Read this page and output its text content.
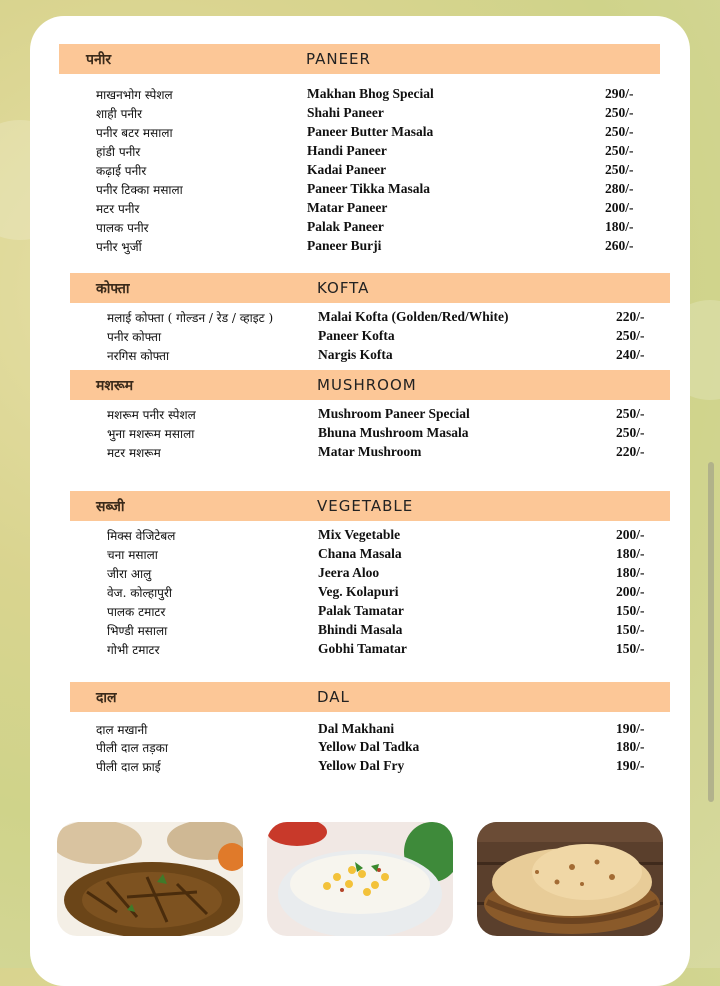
पनीर	PANEER
माखनभोग स्पेशल	Makhan Bhog Special	290/-
शाही पनीर	Shahi Paneer	250/-
पनीर बटर मसाला	Paneer Butter Masala	250/-
हांडी पनीर	Handi Paneer	250/-
कढ़ाई पनीर	Kadai Paneer	250/-
पनीर टिक्का मसाला	Paneer Tikka Masala	280/-
मटर पनीर	Matar Paneer	200/-
पालक पनीर	Palak Paneer	180/-
पनीर भुर्जी	Paneer Burji	260/-
कोफ्ता	KOFTA
मलाई कोफ्ता ( गोल्डन / रेड / व्हाइट )	Malai Kofta (Golden/Red/White)	220/-
पनीर कोफ्ता	Paneer Kofta	250/-
नरगिस कोफ्ता	Nargis Kofta	240/-
मशरूम	MUSHROOM
मशरूम पनीर स्पेशल	Mushroom Paneer Special	250/-
भुना मशरूम मसाला	Bhuna Mushroom Masala	250/-
मटर मशरूम	Matar Mushroom	220/-
सब्जी	VEGETABLE
मिक्स वेजिटेबल	Mix Vegetable	200/-
चना मसाला	Chana Masala	180/-
जीरा आलु	Jeera Aloo	180/-
वेज. कोल्हापुरी	Veg. Kolapuri	200/-
पालक टमाटर	Palak Tamatar	150/-
भिण्डी मसाला	Bhindi Masala	150/-
गोभी टमाटर	Gobhi Tamatar	150/-
दाल	DAL
दाल मखानी	Dal Makhani	190/-
पीली दाल तड़का	Yellow Dal Tadka	180/-
पीली दाल फ्राई	Yellow Dal Fry	190/-
